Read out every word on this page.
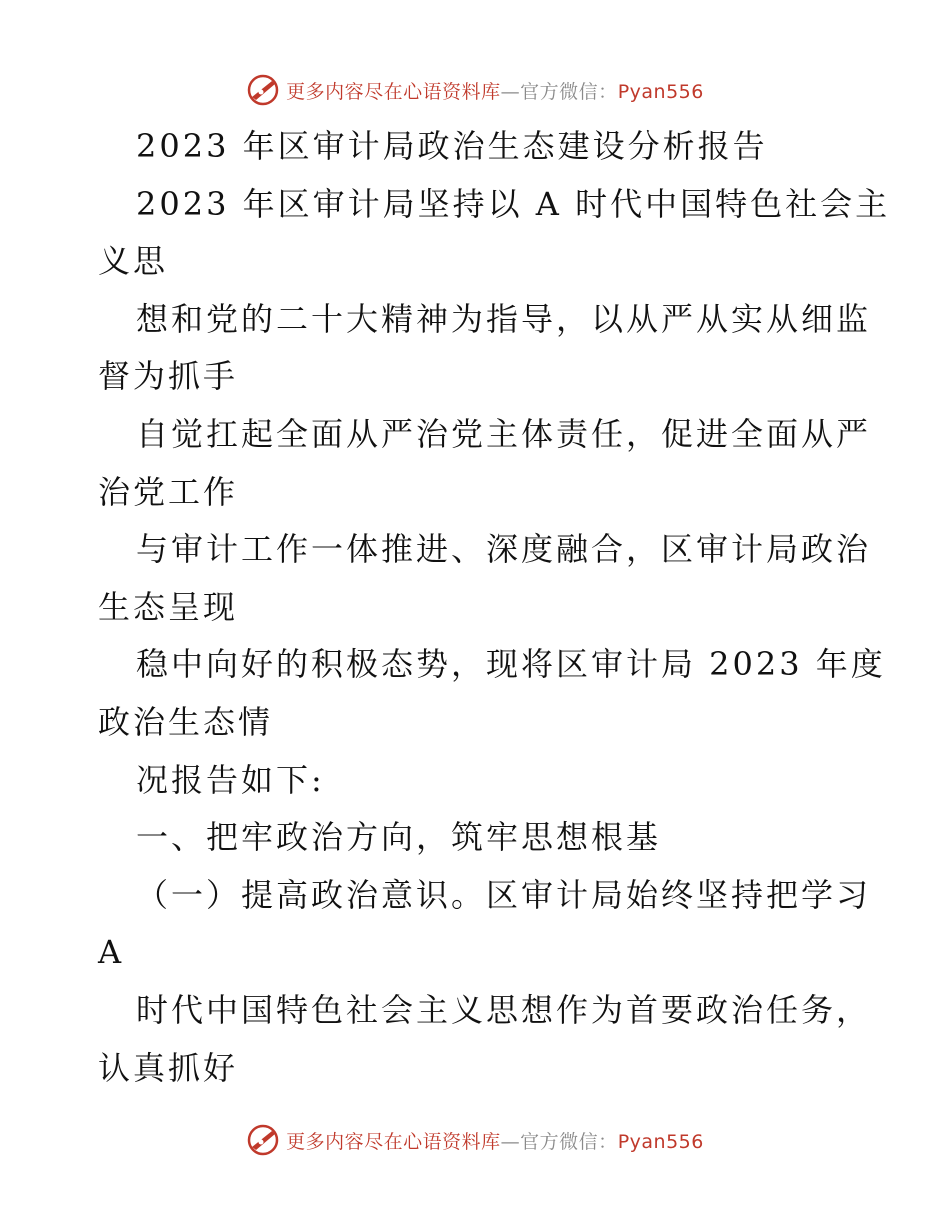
更多内容尽在心语资料库—官方微信：Pyan556
2023 年区审计局政治生态建设分析报告
2023 年区审计局坚持以 A 时代中国特色社会主
义思
想和党的二十大精神为指导，以从严从实从细监
督为抓手
自觉扛起全面从严治党主体责任，促进全面从严
治党工作
与审计工作一体推进、深度融合，区审计局政治
生态呈现
稳中向好的积极态势，现将区审计局 2023 年度
政治生态情
况报告如下:
一、把牢政治方向，筑牢思想根基
（一）提高政治意识。区审计局始终坚持把学习
A
时代中国特色社会主义思想作为首要政治任务，
认真抓好
更多内容尽在心语资料库—官方微信：Pyan556
